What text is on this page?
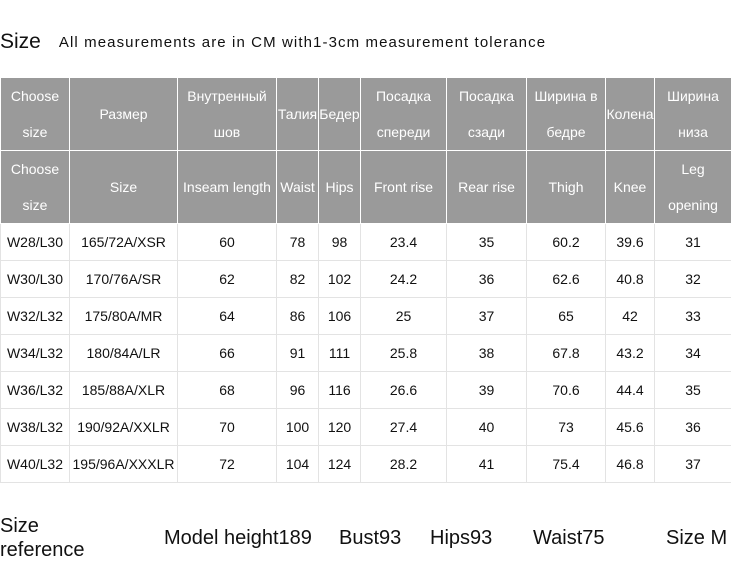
Size All measurements are in CM with1-3cm measurement tolerance
Choose size	Размер	Внутренный шов	Талия	Бедер	Посадка спереди	Посадка сзади	Ширина в бедре	Колена	Ширина низа
Choose size	Size	Inseam length	Waist	Hips	Front rise	Rear rise	Thigh	Knee	Leg opening
W28/L30	165/72A/XSR	60	78	98	23.4	35	60.2	39.6	31
W30/L30	170/76A/SR	62	82	102	24.2	36	62.6	40.8	32
W32/L32	175/80A/MR	64	86	106	25	37	65	42	33
W34/L32	180/84A/LR	66	91	111	25.8	38	67.8	43.2	34
W36/L32	185/88A/XLR	68	96	116	26.6	39	70.6	44.4	35
W38/L32	190/92A/XXLR	70	100	120	27.4	40	73	45.6	36
W40/L32	195/96A/XXXLR	72	104	124	28.2	41	75.4	46.8	37
Size
reference
Model height189 Bust93 Hips93 Waist75	Size M
